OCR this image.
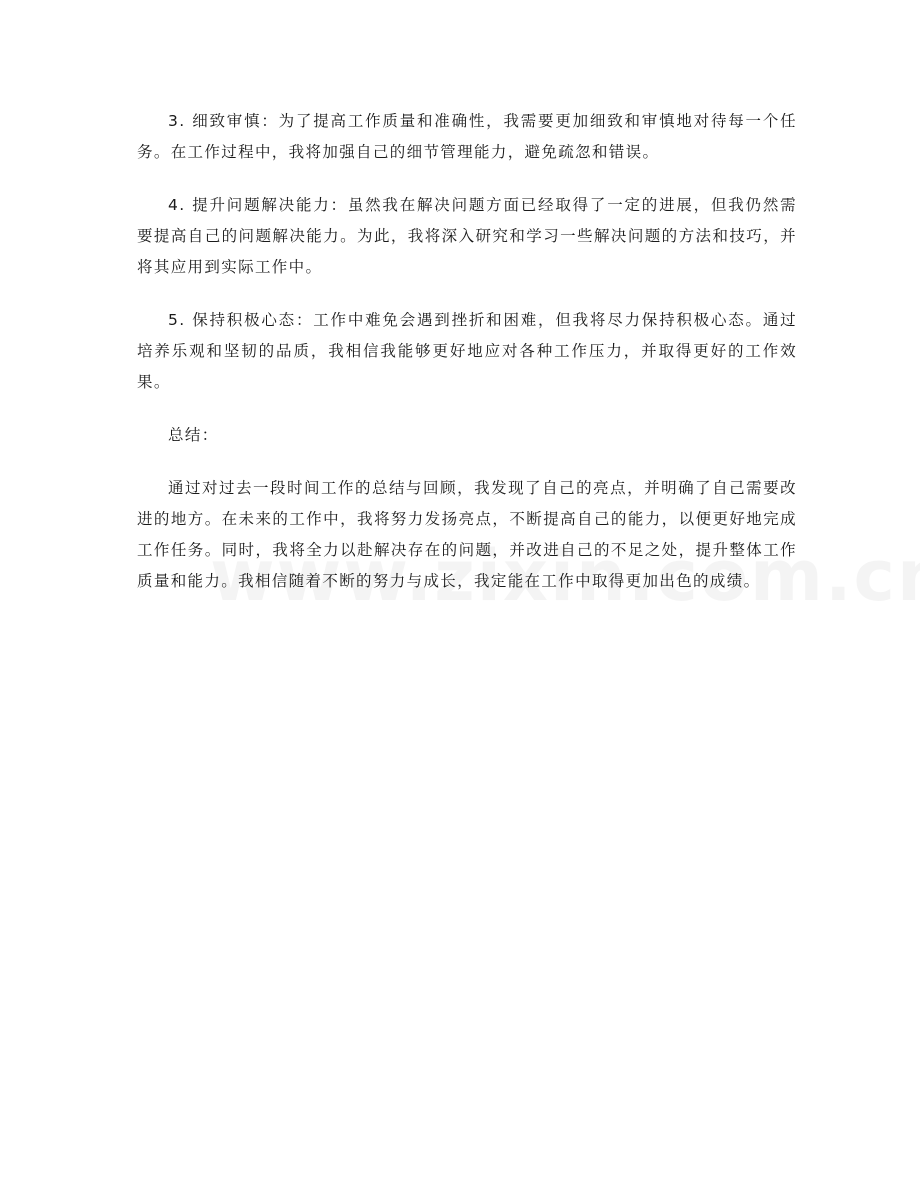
3. 细致审慎：为了提高工作质量和准确性，我需要更加细致和审慎地对待每一个任务。在工作过程中，我将加强自己的细节管理能力，避免疏忽和错误。

4. 提升问题解决能力：虽然我在解决问题方面已经取得了一定的进展，但我仍然需要提高自己的问题解决能力。为此，我将深入研究和学习一些解决问题的方法和技巧，并将其应用到实际工作中。

5. 保持积极心态：工作中难免会遇到挫折和困难，但我将尽力保持积极心态。通过培养乐观和坚韧的品质，我相信我能够更好地应对各种工作压力，并取得更好的工作效果。

总结：

通过对过去一段时间工作的总结与回顾，我发现了自己的亮点，并明确了自己需要改进的地方。在未来的工作中，我将努力发扬亮点，不断提高自己的能力，以便更好地完成工作任务。同时，我将全力以赴解决存在的问题，并改进自己的不足之处，提升整体工作质量和能力。我相信随着不断的努力与成长，我定能在工作中取得更加出色的成绩。
